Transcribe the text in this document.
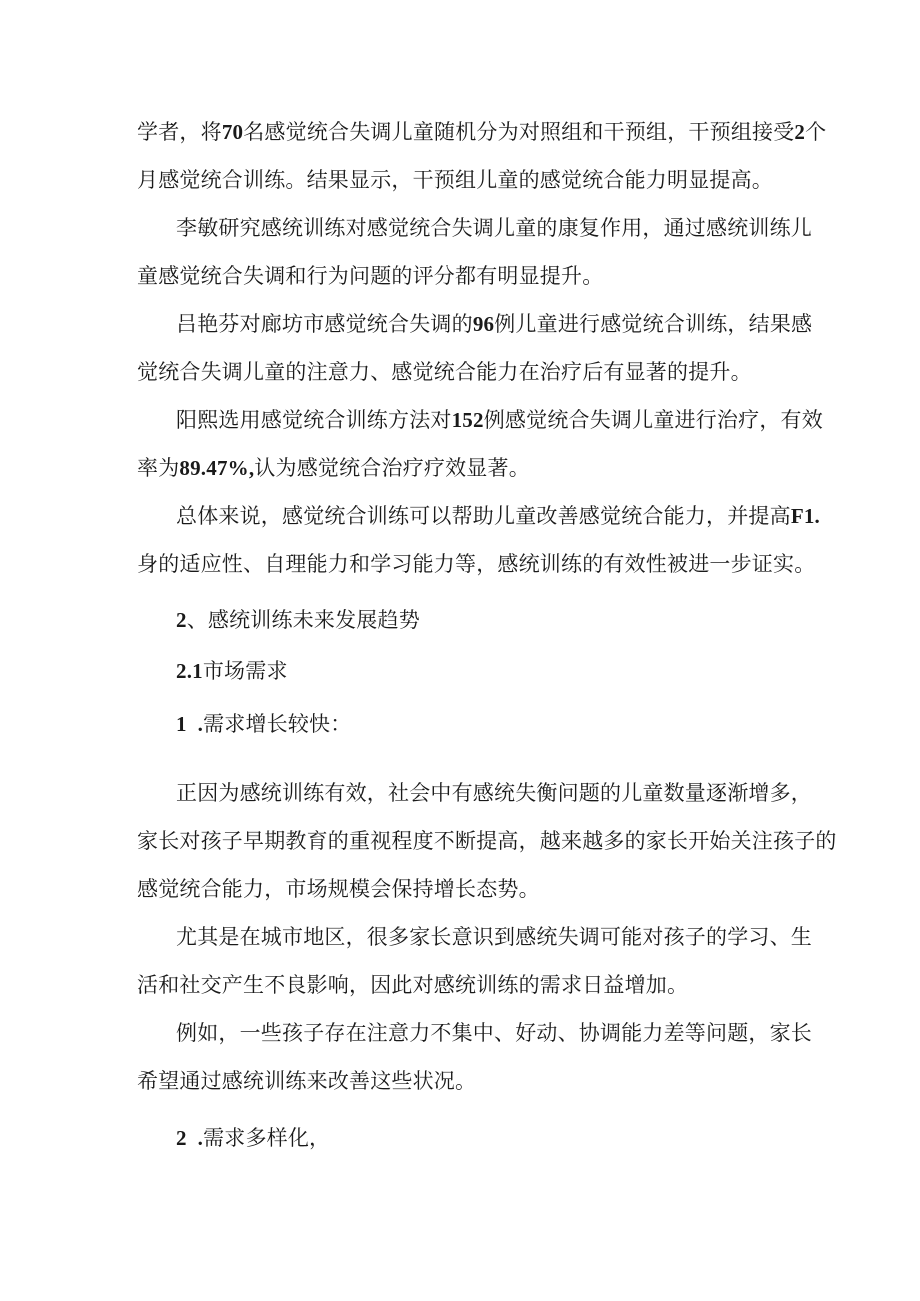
学者，将70名感觉统合失调儿童随机分为对照组和干预组，干预组接受2个

月感觉统合训练。结果显示，干预组儿童的感觉统合能力明显提高。

李敏研究感统训练对感觉统合失调儿童的康复作用，通过感统训练儿

童感觉统合失调和行为问题的评分都有明显提升。

吕艳芬对廊坊市感觉统合失调的96例儿童进行感觉统合训练，结果感

觉统合失调儿童的注意力、感觉统合能力在治疗后有显著的提升。

阳熙选用感觉统合训练方法对152例感觉统合失调儿童进行治疗，有效

率为89.47%,认为感觉统合治疗疗效显著。

总体来说，感觉统合训练可以帮助儿童改善感觉统合能力，并提高F1.

身的适应性、自理能力和学习能力等，感统训练的有效性被进一步证实。

2、感统训练未来发展趋势

2.1市场需求

1  .需求增长较快：

正因为感统训练有效，社会中有感统失衡问题的儿童数量逐渐增多，

家长对孩子早期教育的重视程度不断提高，越来越多的家长开始关注孩子的

感觉统合能力，市场规模会保持增长态势。

尤其是在城市地区，很多家长意识到感统失调可能对孩子的学习、生

活和社交产生不良影响，因此对感统训练的需求日益增加。

例如，一些孩子存在注意力不集中、好动、协调能力差等问题，家长

希望通过感统训练来改善这些状况。

2  .需求多样化，
